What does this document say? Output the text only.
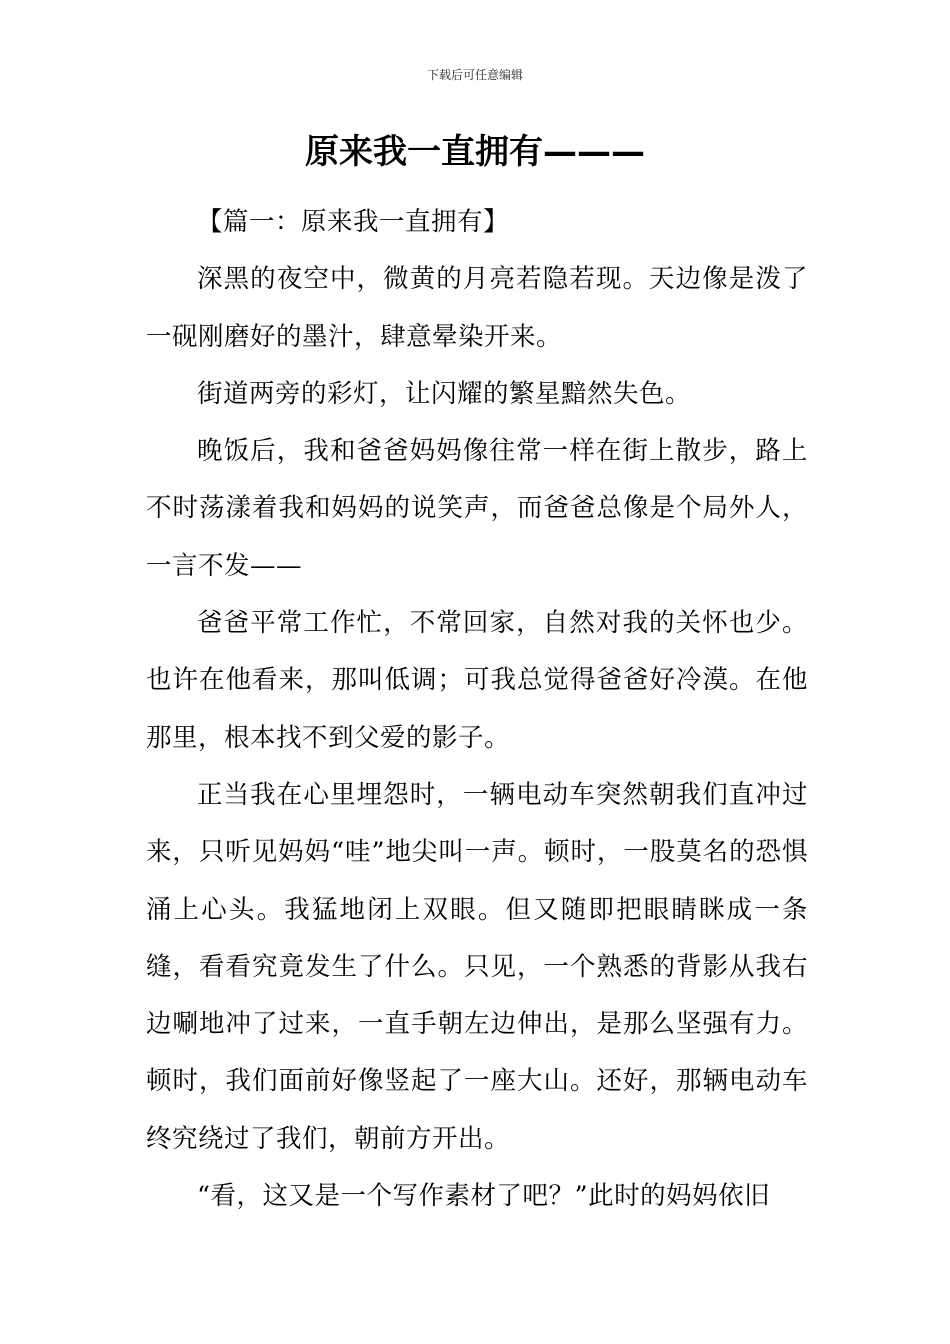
下载后可任意编辑
原来我一直拥有———

【篇一：原来我一直拥有】

深黑的夜空中，微黄的月亮若隐若现。天边像是泼了一砚刚磨好的墨汁，肆意晕染开来。

街道两旁的彩灯，让闪耀的繁星黯然失色。

晚饭后，我和爸爸妈妈像往常一样在街上散步，路上不时荡漾着我和妈妈的说笑声，而爸爸总像是个局外人，一言不发——

爸爸平常工作忙，不常回家，自然对我的关怀也少。也许在他看来，那叫低调；可我总觉得爸爸好冷漠。在他那里，根本找不到父爱的影子。

正当我在心里埋怨时，一辆电动车突然朝我们直冲过来，只听见妈妈“哇”地尖叫一声。顿时，一股莫名的恐惧涌上心头。我猛地闭上双眼。但又随即把眼睛眯成一条缝，看看究竟发生了什么。只见，一个熟悉的背影从我右边唰地冲了过来，一直手朝左边伸出，是那么坚强有力。顿时，我们面前好像竖起了一座大山。还好，那辆电动车终究绕过了我们，朝前方开出。

“看，这又是一个写作素材了吧？”此时的妈妈依旧
